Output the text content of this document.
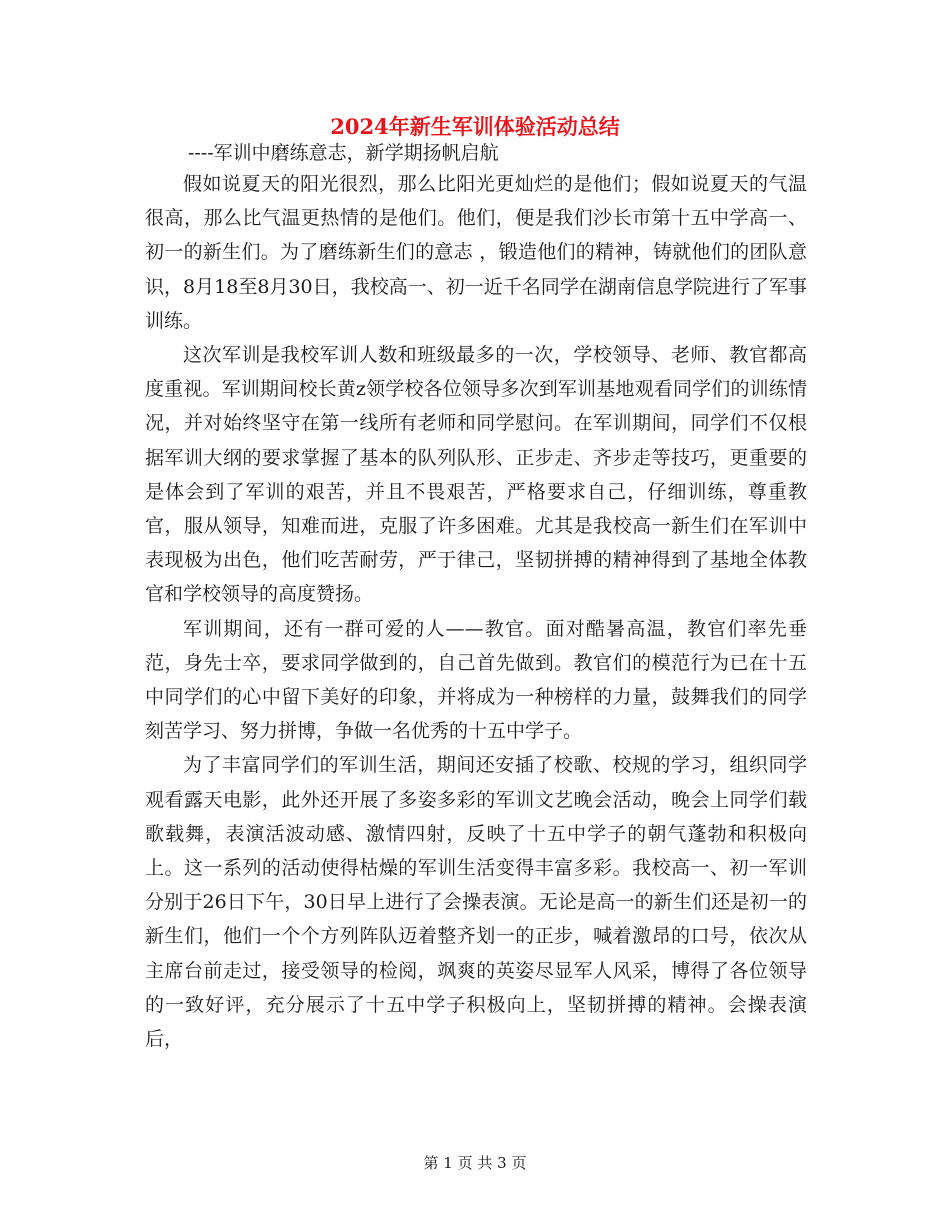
2024年新生军训体验活动总结
----军训中磨练意志，新学期扬帆启航

假如说夏天的阳光很烈，那么比阳光更灿烂的是他们；假如说夏天的气温很高，那么比气温更热情的是他们。他们，便是我们沙长市第十五中学高一、初一的新生们。为了磨练新生们的意志 ，锻造他们的精神，铸就他们的团队意识，8月18至8月30日，我校高一、初一近千名同学在湖南信息学院进行了军事训练。

这次军训是我校军训人数和班级最多的一次，学校领导、老师、教官都高度重视。军训期间校长黄z领学校各位领导多次到军训基地观看同学们的训练情况，并对始终坚守在第一线所有老师和同学慰问。在军训期间，同学们不仅根据军训大纲的要求掌握了基本的队列队形、正步走、齐步走等技巧，更重要的是体会到了军训的艰苦，并且不畏艰苦，严格要求自己，仔细训练，尊重教官，服从领导，知难而进，克服了许多困难。尤其是我校高一新生们在军训中表现极为出色，他们吃苦耐劳，严于律己，坚韧拼搏的精神得到了基地全体教官和学校领导的高度赞扬。

军训期间，还有一群可爱的人——教官。面对酷暑高温，教官们率先垂范，身先士卒，要求同学做到的，自己首先做到。教官们的模范行为已在十五中同学们的心中留下美好的印象，并将成为一种榜样的力量，鼓舞我们的同学刻苦学习、努力拼博，争做一名优秀的十五中学子。

为了丰富同学们的军训生活，期间还安插了校歌、校规的学习，组织同学观看露天电影，此外还开展了多姿多彩的军训文艺晚会活动，晚会上同学们载歌载舞，表演活波动感、激情四射，反映了十五中学子的朝气蓬勃和积极向上。这一系列的活动使得枯燥的军训生活变得丰富多彩。我校高一、初一军训分别于26日下午，30日早上进行了会操表演。无论是高一的新生们还是初一的新生们，他们一个个方列阵队迈着整齐划一的正步，喊着激昂的口号，依次从主席台前走过，接受领导的检阅，飒爽的英姿尽显军人风采，博得了各位领导的一致好评，充分展示了十五中学子积极向上，坚韧拼搏的精神。会操表演后，

第 1 页 共 3 页
